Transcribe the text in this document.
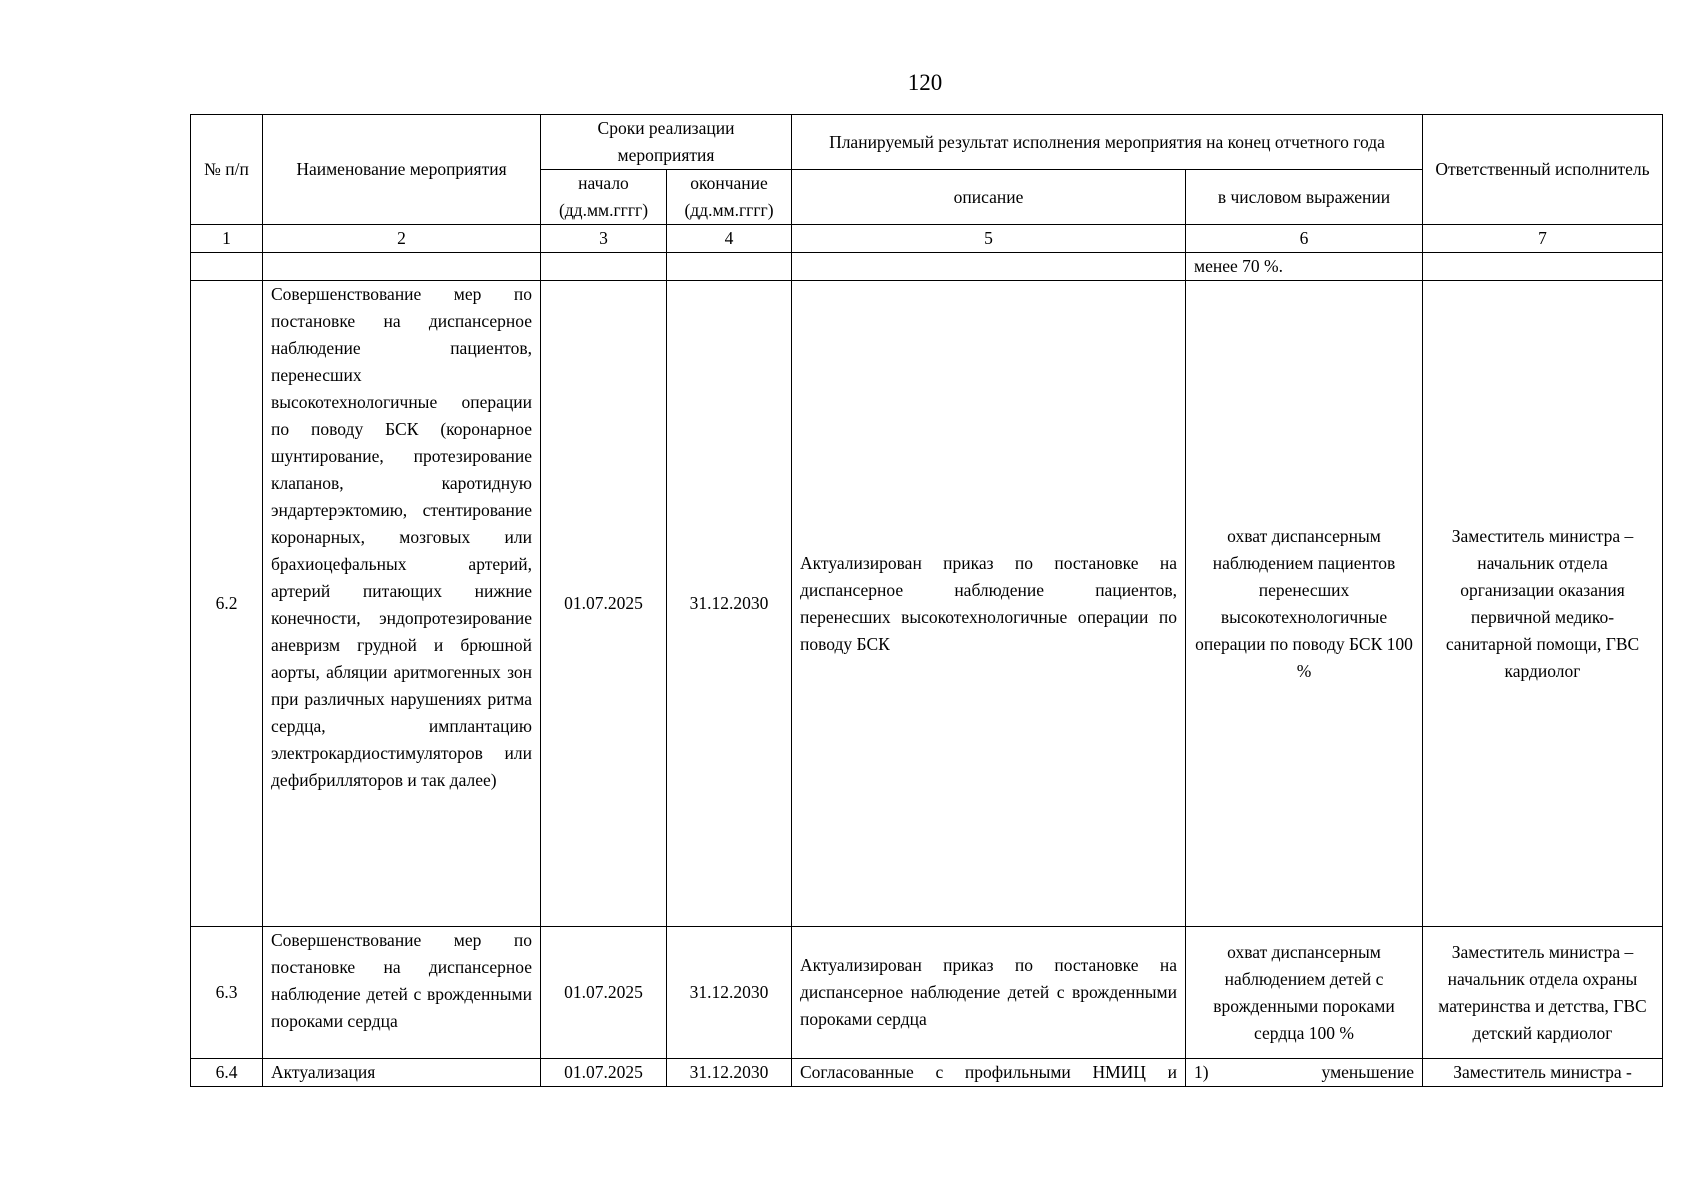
120
№ п/п	Наименование мероприятия	Сроки реализации мероприятия		Планируемый результат исполнения мероприятия на конец отчетного года		Ответственный исполнитель
		начало (дд.мм.гггг)	окончание (дд.мм.гггг)	описание	в числовом выражении	
1	2	3	4	5	6	7
					менее 70 %.	
6.2	Совершенствование мер по постановке на диспансерное наблюдение пациентов, перенесших высокотехнологичные операции по поводу БСК (коронарное шунтирование, протезирование клапанов, каротидную эндартерэктомию, стентирование коронарных, мозговых или брахиоцефальных артерий, артерий питающих нижние конечности, эндопротезирование аневризм грудной и брюшной аорты, абляции аритмогенных зон при различных нарушениях ритма сердца, имплантацию электрокардиостимуляторов или дефибрилляторов и так далее)	01.07.2025	31.12.2030	Актуализирован приказ по постановке на диспансерное наблюдение пациентов, перенесших высокотехнологичные операции по поводу БСК	охват диспансерным наблюдением пациентов перенесших высокотехнологичные операции по поводу БСК 100 %	Заместитель министра – начальник отдела организации оказания первичной медико-санитарной помощи, ГВС кардиолог
6.3	Совершенствование мер по постановке на диспансерное наблюдение детей с врожденными пороками сердца	01.07.2025	31.12.2030	Актуализирован приказ по постановке на диспансерное наблюдение детей с врожденными пороками сердца	охват диспансерным наблюдением детей с врожденными пороками сердца 100 %	Заместитель министра – начальник отдела охраны материнства и детства, ГВС детский кардиолог
6.4	Актуализация	01.07.2025	31.12.2030	Согласованные с профильными НМИЦ и	1) уменьшение	Заместитель министра -
